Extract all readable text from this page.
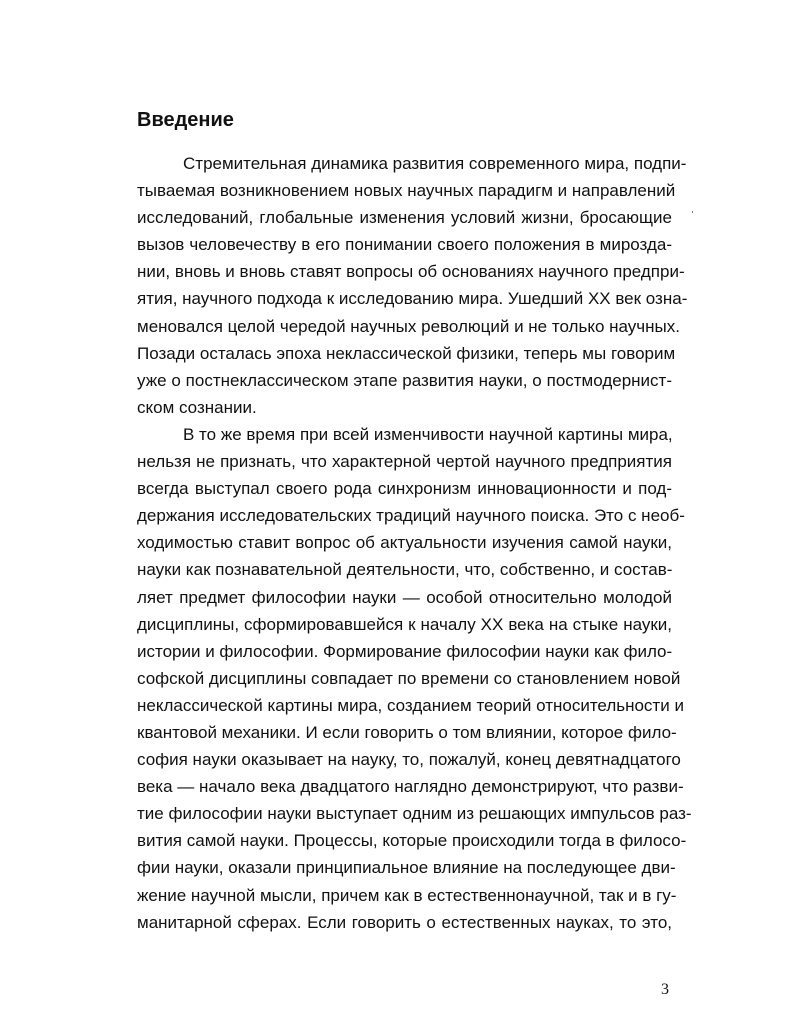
Введение
Стремительная динамика развития современного мира, подпи-
тываемая возникновением новых научных парадигм и направлений
исследований, глобальные изменения условий жизни, бросающие
вызов человечеству в его понимании своего положения в мирозда-
нии, вновь и вновь ставят вопросы об основаниях научного предпри-
ятия, научного подхода к исследованию мира. Ушедший XX век озна-
меновался целой чередой научных революций и не только научных.
Позади осталась эпоха неклассической физики, теперь мы говорим
уже о постнеклассическом этапе развития науки, о постмодернист-
ском сознании.
В то же время при всей изменчивости научной картины мира,
нельзя не признать, что характерной чертой научного предприятия
всегда выступал своего рода синхронизм инновационности и под-
держания исследовательских традиций научного поиска. Это с необ-
ходимостью ставит вопрос об актуальности изучения самой науки,
науки как познавательной деятельности, что, собственно, и состав-
ляет предмет философии науки — особой относительно молодой
дисциплины, сформировавшейся к началу XX века на стыке науки,
истории и философии. Формирование философии науки как фило-
софской дисциплины совпадает по времени со становлением новой
неклассической картины мира, созданием теорий относительности и
квантовой механики. И если говорить о том влиянии, которое фило-
софия науки оказывает на науку, то, пожалуй, конец девятнадцатого
века — начало века двадцатого наглядно демонстрируют, что разви-
тие философии науки выступает одним из решающих импульсов раз-
вития самой науки. Процессы, которые происходили тогда в филосо-
фии науки, оказали принципиальное влияние на последующее дви-
жение научной мысли, причем как в естественнонаучной, так и в гу-
манитарной сферах. Если говорить о естественных науках, то это,
3
